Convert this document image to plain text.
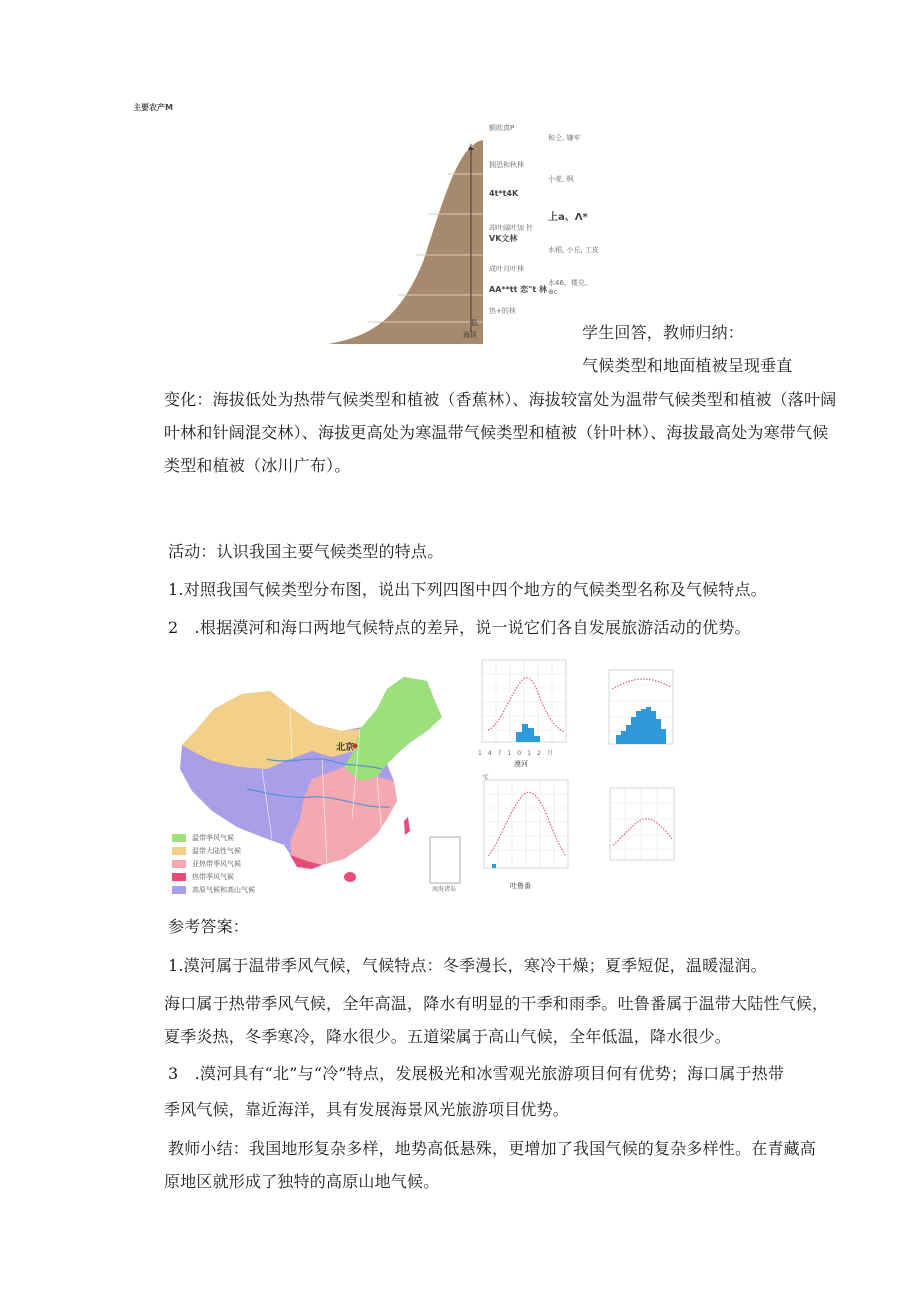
主要农产M
高
低
海拔
额欧真P
拥恐和秋林
4t*t4K
却叶阔叶加 针
VK文林
成叶月叶林
AA**tt 恋"t 林
热+的林
和仝, 嫌牢
小麦, 枫
上a、Λ*
水稻, 小丘, 工皮
水46、楼兑、
⊕c
学生回答，教师归纳：
气候类型和地面植被呈现垂直
变化：海拔低处为热带气候类型和植被（香蕉林）、海拔较富处为温带气候类型和植被（落叶阔
叶林和针阔混交林）、海拔更高处为寒温带气候类型和植被（针叶林）、海拔最高处为寒带气候
类型和植被（冰川广布）。
活动：认识我国主要气候类型的特点。
1.对照我国气候类型分布图，说出下列四图中四个地方的气候类型名称及气候特点。
2　.根据漠河和海口两地气候特点的差异，说一说它们各自发展旅游活动的优势。
北京
南海诸岛
温带季风气候
温带大陆性气候
亚热带季风气候
热带季风气候
高原气候和高山气候
1471012月
漠河
℃
吐鲁番
参考答案：
1.漠河属于温带季风气候，气候特点：冬季漫长，寒冷干燥；夏季短促，温暖湿润。
海口属于热带季风气候，全年高温，降水有明显的干季和雨季。吐鲁番属于温带大陆性气候，
夏季炎热，冬季寒冷，降水很少。五道梁属于高山气候，全年低温，降水很少。
3　.漠河具有“北”与“冷”特点，发展极光和冰雪观光旅游项目何有优势；海口属于热带
季风气候，靠近海洋，具有发展海景风光旅游项目优势。
教师小结：我国地形复杂多样，地势高低悬殊，更增加了我国气候的复杂多样性。在青藏高
原地区就形成了独特的高原山地气候。
